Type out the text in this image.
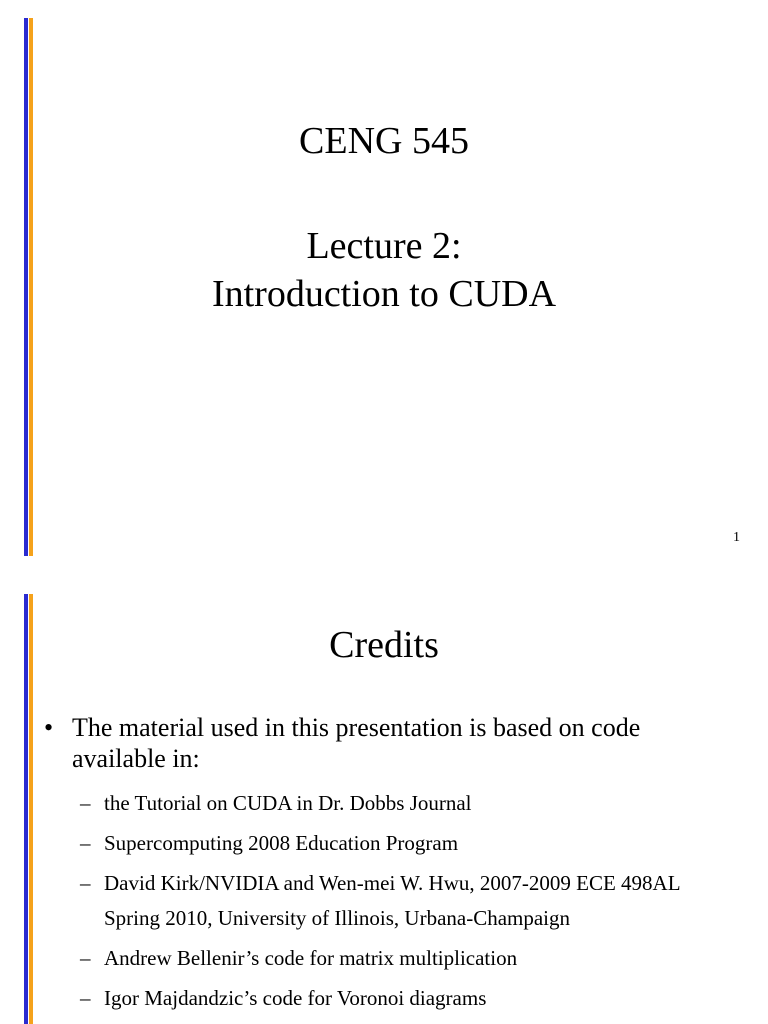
CENG 545
Lecture 2:
Introduction to CUDA
1
Credits
• The material used in this presentation is based on code available in:
– the Tutorial on CUDA in Dr. Dobbs Journal
– Supercomputing 2008 Education Program
– David Kirk/NVIDIA and Wen-mei W. Hwu, 2007-2009 ECE 498AL Spring 2010, University of Illinois, Urbana-Champaign
– Andrew Bellenir’s code for matrix multiplication
– Igor Majdandzic’s code for Voronoi diagrams
